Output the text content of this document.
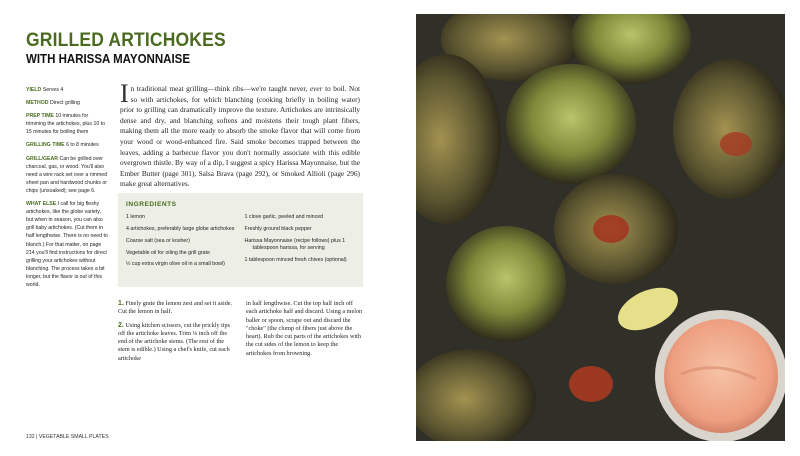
GRILLED ARTICHOKES
WITH HARISSA MAYONNAISE

YIELD Serves 4

METHOD Direct grilling

PREP TIME 10 minutes for trimming the artichokes, plus 10 to 15 minutes for boiling them

GRILLING TIME 6 to 8 minutes

GRILL/GEAR Can be grilled over charcoal, gas, or wood. You'll also need a wire rack set over a rimmed sheet pan and hardwood chunks or chips (unsoaked); see page 6.

WHAT ELSE I call for big fleshy artichokes, like the globe variety, but when in season, you can also grill baby artichokes. (Cut them in half lengthwise. There is no need to blanch.) For that matter, on page 214 you'll find instructions for direct grilling your artichokes without blanching. The process takes a bit longer, but the flavor is out of this world.

In traditional meat grilling—think ribs—we're taught never, ever to boil. Not so with artichokes, for which blanching (cooking briefly in boiling water) prior to grilling can dramatically improve the texture. Artichokes are intrinsically dense and dry, and blanching softens and moistens their tough plant fibers, making them all the more ready to absorb the smoke flavor that will come from your wood or wood-enhanced fire. Said smoke becomes trapped between the leaves, adding a barbecue flavor you don't normally associate with this edible overgrown thistle. By way of a dip, I suggest a spicy Harissa Mayonnaise, but the Ember Butter (page 301), Salsa Brava (page 292), or Smoked Allioli (page 296) make great alternatives.
INGREDIENTS

1 lemon

4 artichokes, preferably large globe artichokes

Coarse salt (sea or kosher)

Vegetable oil for oiling the grill grate

½ cup extra virgin olive oil in a small bowl)

1 clove garlic, peeled and minced

Freshly ground black pepper

Harissa Mayonnaise (recipe follows) plus 1 tablespoon harissa, for serving

1 tablespoon minced fresh chives (optional)

1. Finely grate the lemon zest and set it aside. Cut the lemon in half.

2. Using kitchen scissors, cut the prickly tips off the artichoke leaves. Trim ⅛ inch off the end of the artichoke stems. (The rest of the stem is edible.) Using a chef's knife, cut each artichoke

in half lengthwise. Cut the top half inch off each artichoke half and discard. Using a melon baller or spoon, scrape out and discard the "choke" (the clump of fibers just above the heart). Rub the cut parts of the artichokes with the cut sides of the lemon to keep the artichokes from browning.

132 | VEGETABLE SMALL PLATES
